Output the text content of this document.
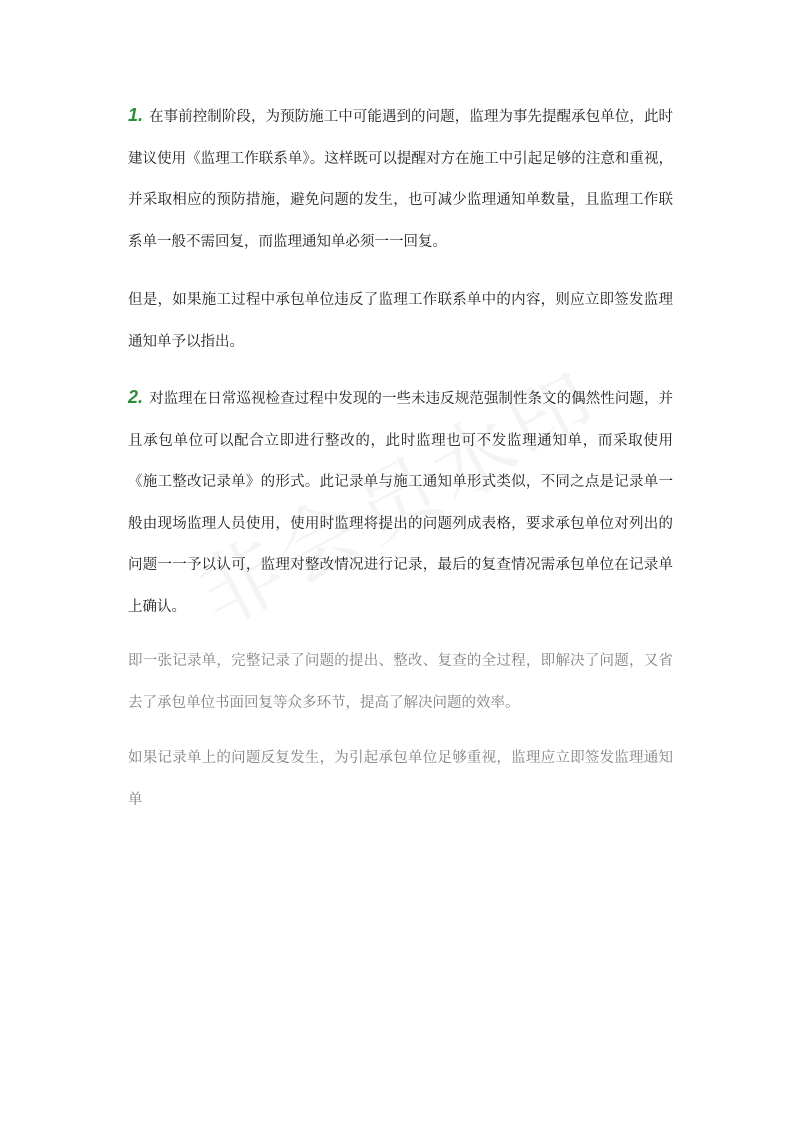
1. 在事前控制阶段，为预防施工中可能遇到的问题，监理为事先提醒承包单位，此时建议使用《监理工作联系单》。这样既可以提醒对方在施工中引起足够的注意和重视，并采取相应的预防措施，避免问题的发生，也可减少监理通知单数量，且监理工作联系单一般不需回复，而监理通知单必须一一回复。

但是，如果施工过程中承包单位违反了监理工作联系单中的内容，则应立即签发监理通知单予以指出。

2. 对监理在日常巡视检查过程中发现的一些未违反规范强制性条文的偶然性问题，并且承包单位可以配合立即进行整改的，此时监理也可不发监理通知单，而采取使用《施工整改记录单》的形式。此记录单与施工通知单形式类似，不同之点是记录单一般由现场监理人员使用，使用时监理将提出的问题列成表格，要求承包单位对列出的问题一一予以认可，监理对整改情况进行记录，最后的复查情况需承包单位在记录单上确认。

即一张记录单，完整记录了问题的提出、整改、复查的全过程，即解决了问题，又省去了承包单位书面回复等众多环节，提高了解决问题的效率。

如果记录单上的问题反复发生，为引起承包单位足够重视，监理应立即签发监理通知单
